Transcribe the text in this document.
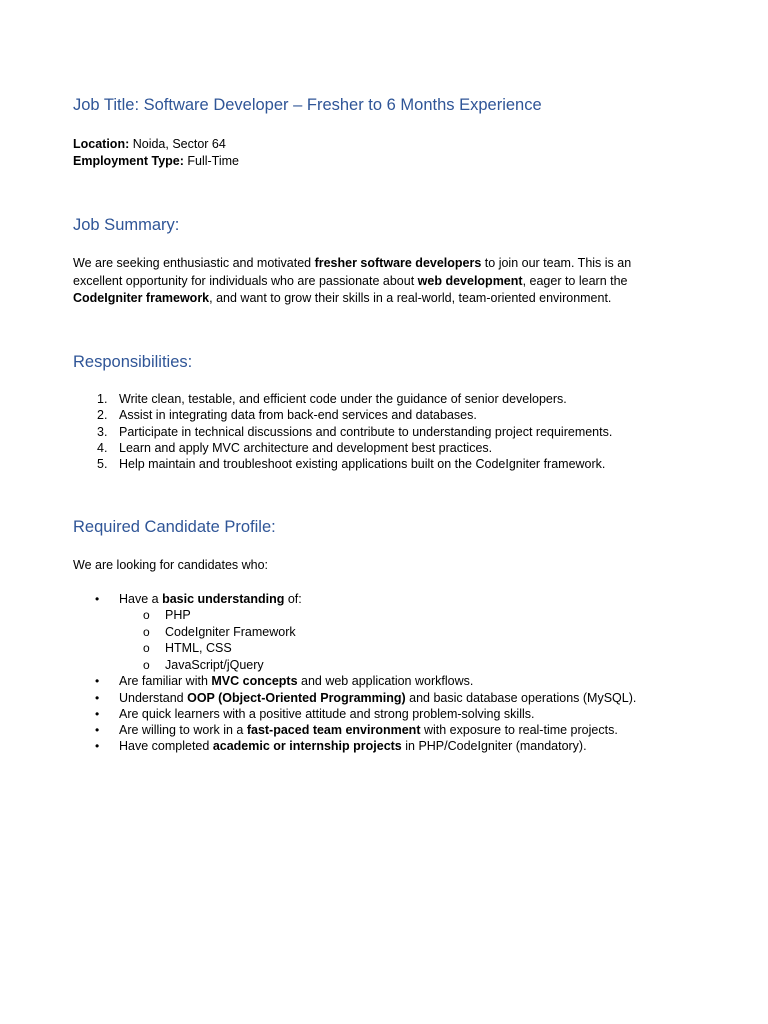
Job Title: Software Developer – Fresher to 6 Months Experience
Location: Noida, Sector 64
Employment Type: Full-Time
Job Summary:
We are seeking enthusiastic and motivated fresher software developers to join our team. This is an excellent opportunity for individuals who are passionate about web development, eager to learn the CodeIgniter framework, and want to grow their skills in a real-world, team-oriented environment.
Responsibilities:
1. Write clean, testable, and efficient code under the guidance of senior developers.
2. Assist in integrating data from back-end services and databases.
3. Participate in technical discussions and contribute to understanding project requirements.
4. Learn and apply MVC architecture and development best practices.
5. Help maintain and troubleshoot existing applications built on the CodeIgniter framework.
Required Candidate Profile:
We are looking for candidates who:
• Have a basic understanding of:
o PHP
o CodeIgniter Framework
o HTML, CSS
o JavaScript/jQuery
• Are familiar with MVC concepts and web application workflows.
• Understand OOP (Object-Oriented Programming) and basic database operations (MySQL).
• Are quick learners with a positive attitude and strong problem-solving skills.
• Are willing to work in a fast-paced team environment with exposure to real-time projects.
• Have completed academic or internship projects in PHP/CodeIgniter (mandatory).
